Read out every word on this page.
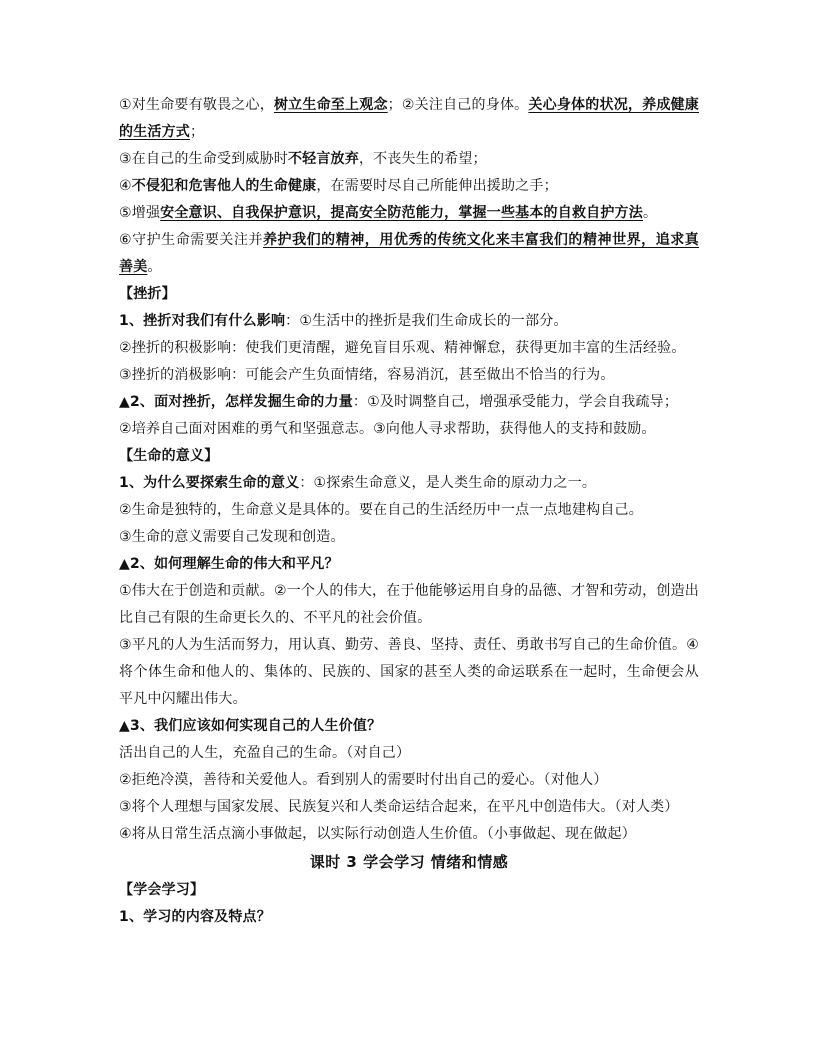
①对生命要有敬畏之心，树立生命至上观念；②关注自己的身体。关心身体的状况，养成健康的生活方式；
③在自己的生命受到威胁时不轻言放弃，不丧失生的希望；
④不侵犯和危害他人的生命健康，在需要时尽自己所能伸出援助之手；
⑤增强安全意识、自我保护意识，提高安全防范能力，掌握一些基本的自救自护方法。
⑥守护生命需要关注并养护我们的精神，用优秀的传统文化来丰富我们的精神世界，追求真善美。
【挫折】
1、挫折对我们有什么影响：①生活中的挫折是我们生命成长的一部分。
②挫折的积极影响：使我们更清醒，避免盲目乐观、精神懈怠，获得更加丰富的生活经验。
③挫折的消极影响：可能会产生负面情绪，容易消沉，甚至做出不恰当的行为。
▲2、面对挫折，怎样发掘生命的力量：①及时调整自己，增强承受能力，学会自我疏导；
②培养自己面对困难的勇气和坚强意志。③向他人寻求帮助，获得他人的支持和鼓励。
【生命的意义】
1、为什么要探索生命的意义：①探索生命意义，是人类生命的原动力之一。
②生命是独特的，生命意义是具体的。要在自己的生活经历中一点一点地建构自己。
③生命的意义需要自己发现和创造。
▲2、如何理解生命的伟大和平凡？
①伟大在于创造和贡献。②一个人的伟大，在于他能够运用自身的品德、才智和劳动，创造出比自己有限的生命更长久的、不平凡的社会价值。
③平凡的人为生活而努力，用认真、勤劳、善良、坚持、责任、勇敢书写自己的生命价值。④将个体生命和他人的、集体的、民族的、国家的甚至人类的命运联系在一起时，生命便会从平凡中闪耀出伟大。
▲3、我们应该如何实现自己的人生价值？
活出自己的人生，充盈自己的生命。（对自己）
②拒绝冷漠，善待和关爱他人。看到别人的需要时付出自己的爱心。（对他人）
③将个人理想与国家发展、民族复兴和人类命运结合起来，在平凡中创造伟大。（对人类）
④将从日常生活点滴小事做起，以实际行动创造人生价值。（小事做起、现在做起）
课时 3 学会学习 情绪和情感
【学会学习】
1、学习的内容及特点？
